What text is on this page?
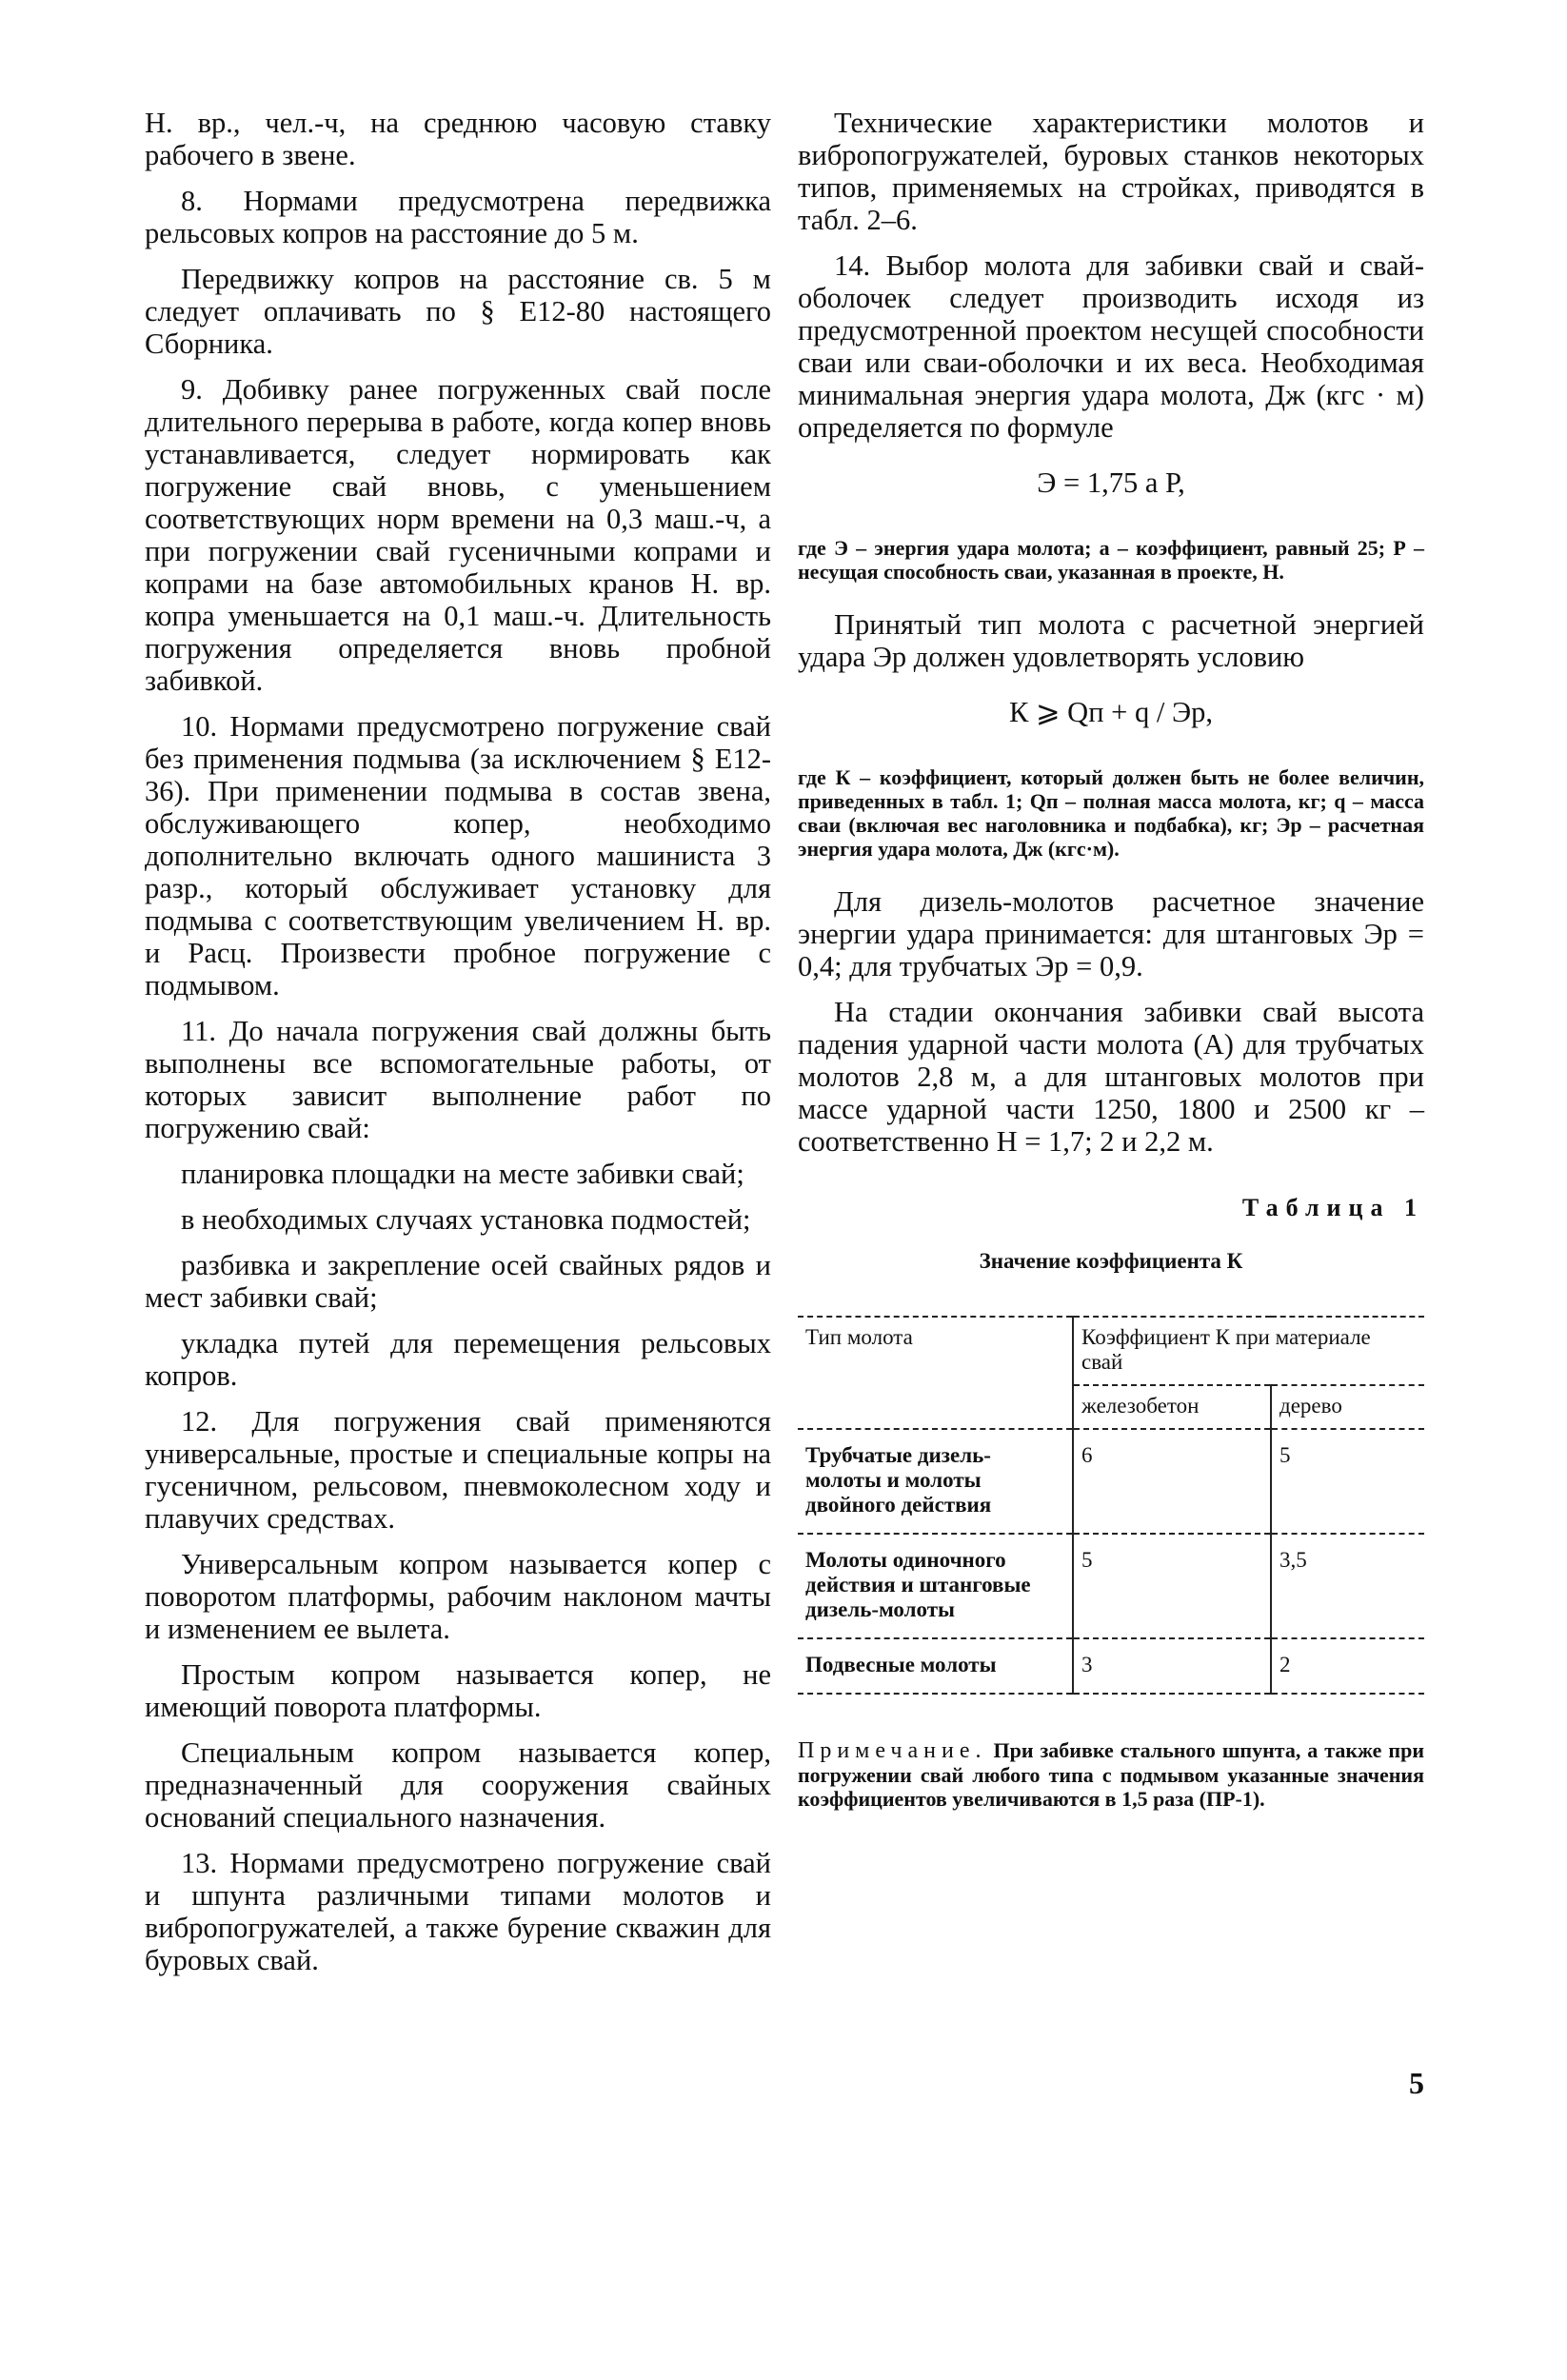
Н. вр., чел.-ч, на среднюю часовую ставку рабочего в звене.

8. Нормами предусмотрена передвижка рельсовых копров на расстояние до 5 м.

Передвижку копров на расстояние св. 5 м следует оплачивать по § Е12-80 настоящего Сборника.

9. Добивку ранее погруженных свай после длительного перерыва в работе, когда копер вновь устанавливается, следует нормировать как погружение свай вновь, с уменьшением соответствующих норм времени на 0,3 маш.-ч, а при погружении свай гусеничными копрами и копрами на базе автомобильных кранов Н. вр. копра уменьшается на 0,1 маш.-ч. Длительность погружения определяется вновь пробной забивкой.

10. Нормами предусмотрено погружение свай без применения подмыва (за исключением § Е12-36). При применении подмыва в состав звена, обслуживающего копер, необходимо дополнительно включать одного машиниста 3 разр., который обслуживает установку для подмыва с соответствующим увеличением Н. вр. и Расц. Произвести пробное погружение с подмывом.

11. До начала погружения свай должны быть выполнены все вспомогательные работы, от которых зависит выполнение работ по погружению свай:

планировка площадки на месте забивки свай;

в необходимых случаях установка подмостей;

разбивка и закрепление осей свайных рядов и мест забивки свай;

укладка путей для перемещения рельсовых копров.

12. Для погружения свай применяются универсальные, простые и специальные копры на гусеничном, рельсовом, пневмоколесном ходу и плавучих средствах.

Универсальным копром называется копер с поворотом платформы, рабочим наклоном мачты и изменением ее вылета.

Простым копром называется копер, не имеющий поворота платформы.

Специальным копром называется копер, предназначенный для сооружения свайных оснований специального назначения.

13. Нормами предусмотрено погружение свай и шпунта различными типами молотов и вибропогружателей, а также бурение скважин для буровых свай.

Технические характеристики молотов и вибропогружателей, буровых станков некоторых типов, применяемых на стройках, приводятся в табл. 2–6.

14. Выбор молота для забивки свай и свай-оболочек следует производить исходя из предусмотренной проектом несущей способности сваи или сваи-оболочки и их веса. Необходимая минимальная энергия удара молота, Дж (кгс · м) определяется по формуле

Э = 1,75 а Р,

где Э – энергия удара молота; а – коэффициент, равный 25; Р – несущая способность сваи, указанная в проекте, Н.

Принятый тип молота с расчетной энергией удара Эр должен удовлетворять условию

К ⩾ Qп + q / Эр,

где К – коэффициент, который должен быть не более величин, приведенных в табл. 1; Qп – полная масса молота, кг; q – масса сваи (включая вес наголовника и подбабка), кг; Эр – расчетная энергия удара молота, Дж (кгс·м).

Для дизель-молотов расчетное значение энергии удара принимается: для штанговых Эр = 0,4; для трубчатых Эр = 0,9.

На стадии окончания забивки свай высота падения ударной части молота (А) для трубчатых молотов 2,8 м, а для штанговых молотов при массе ударной части 1250, 1800 и 2500 кг – соответственно Н = 1,7; 2 и 2,2 м.

Таблица 1
Значение коэффициента К
Тип молота	Коэффициент К при материале свай	
	железобетон	дерево
Трубчатые дизель-молоты и молоты двойного действия	6	5
Молоты одиночного действия и штанговые дизель-молоты	5	3,5
Подвесные молоты	3	2

Примечание. При забивке стального шпунта, а также при погружении свай любого типа с подмывом указанные значения коэффициентов увеличиваются в 1,5 раза (ПР-1).

5
